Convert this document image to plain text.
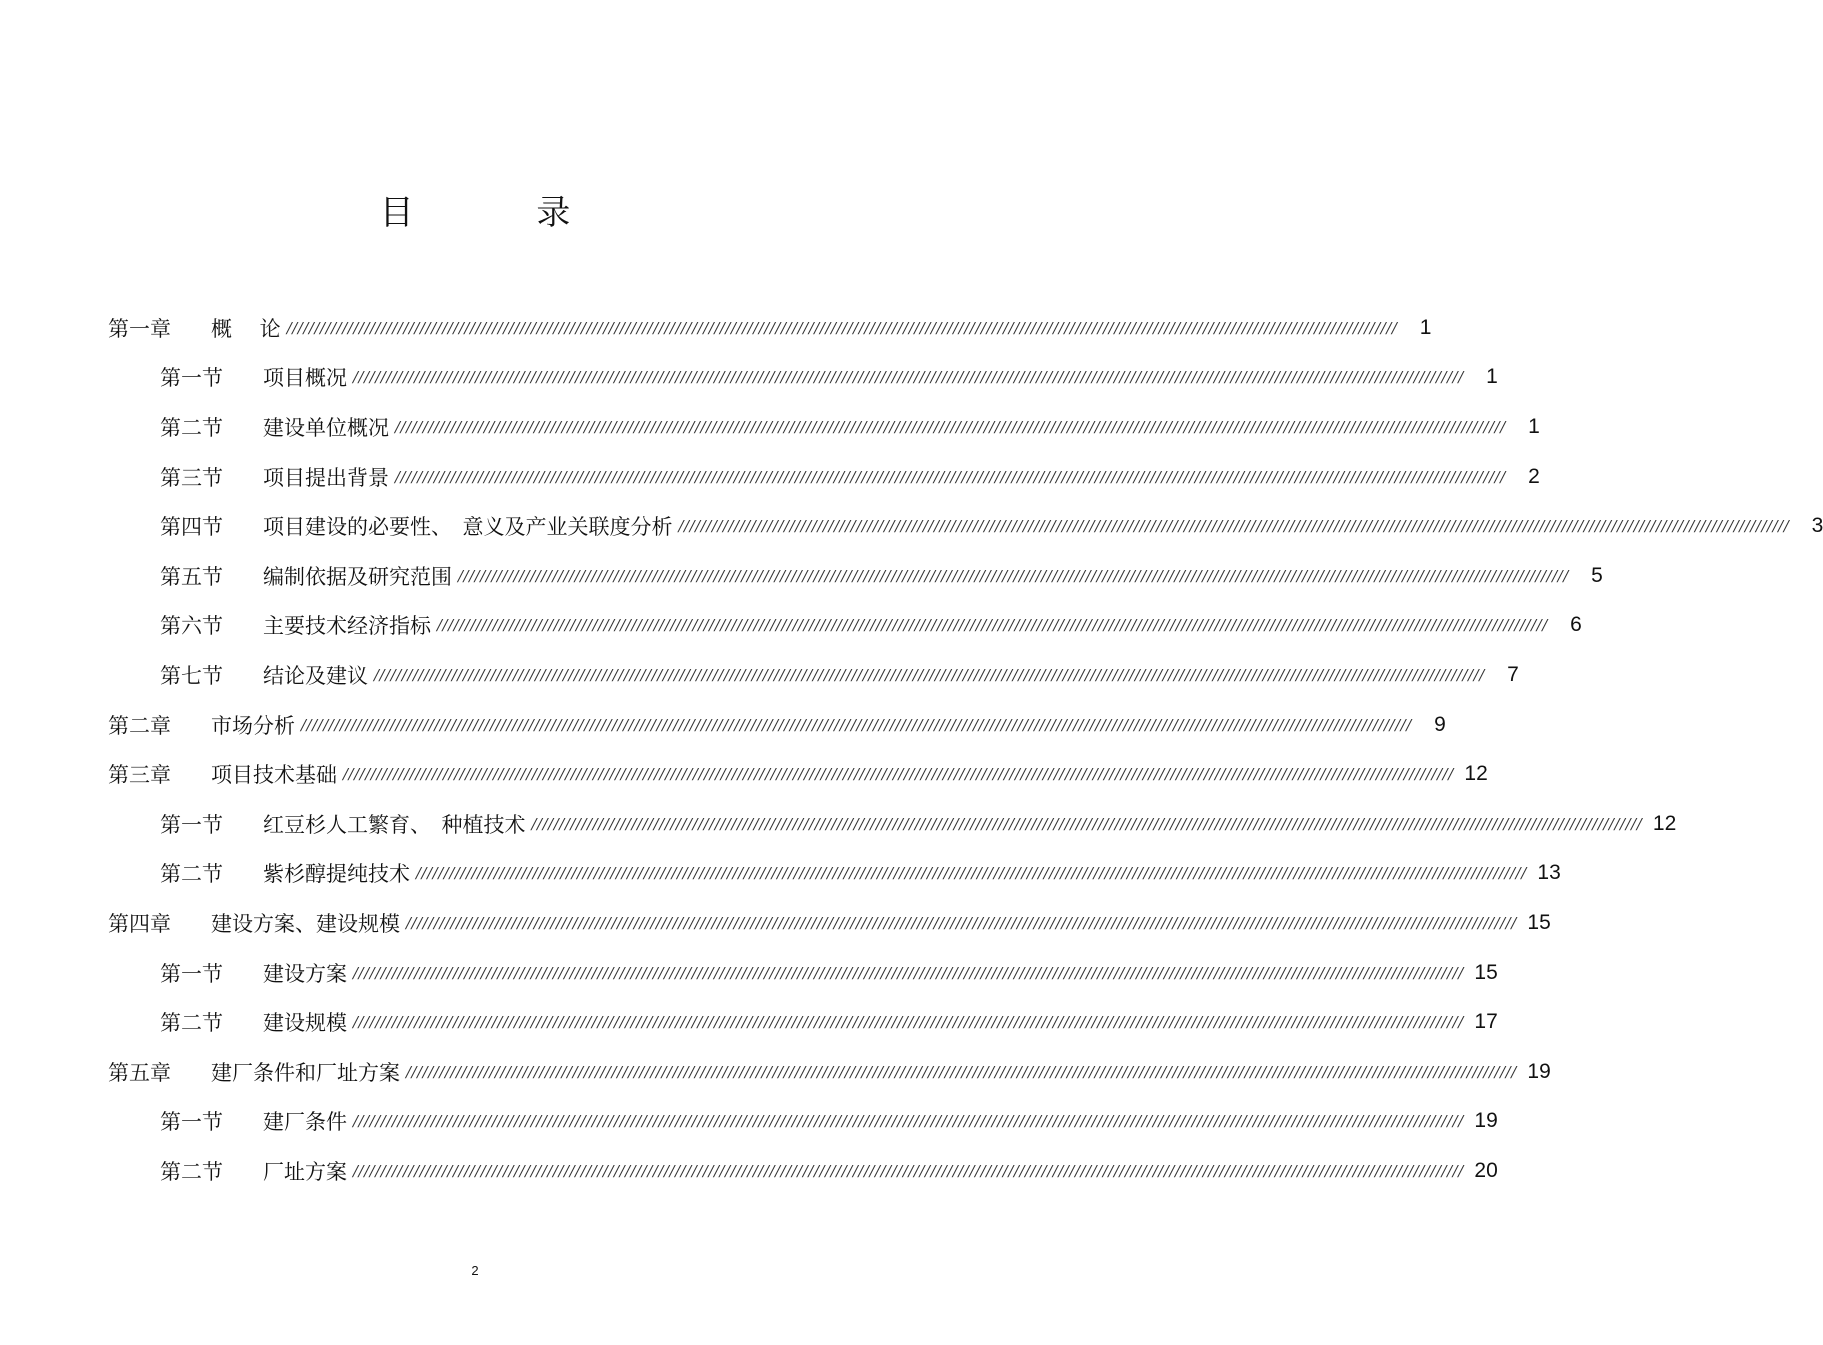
目 录
第一章	概　 论 ////////////////////////////////////////////////////////////////////////////////////////////////////////////////////////////////////////////////////////////////////////////////////////////////////////	1
第一节	项目概况 ////////////////////////////////////////////////////////////////////////////////////////////////////////////////////////////////////////////////////////////////////////////////////////////////////////	1
第二节	建设单位概况 ////////////////////////////////////////////////////////////////////////////////////////////////////////////////////////////////////////////////////////////////////////////////////////////////////////	1
第三节	项目提出背景 ////////////////////////////////////////////////////////////////////////////////////////////////////////////////////////////////////////////////////////////////////////////////////////////////////////	2
第四节	项目建设的必要性、　意义及产业关联度分析 ////////////////////////////////////////////////////////////////////////////////////////////////////////////////////////////////////////////////////////////////////////////////////////////////////////	3
第五节	编制依据及研究范围 ////////////////////////////////////////////////////////////////////////////////////////////////////////////////////////////////////////////////////////////////////////////////////////////////////////	5
第六节	主要技术经济指标 ////////////////////////////////////////////////////////////////////////////////////////////////////////////////////////////////////////////////////////////////////////////////////////////////////////	6
第七节	结论及建议 ////////////////////////////////////////////////////////////////////////////////////////////////////////////////////////////////////////////////////////////////////////////////////////////////////////	7
第二章	市场分析 ////////////////////////////////////////////////////////////////////////////////////////////////////////////////////////////////////////////////////////////////////////////////////////////////////////	9
第三章	项目技术基础 //////////////////////////////////////////////////////////////////////////////////////////////////////////////////////////////////////////////////////////////////////////////////////////////////////// 12
第一节	红豆杉人工繁育、　种植技术 //////////////////////////////////////////////////////////////////////////////////////////////////////////////////////////////////////////////////////////////////////////////////////////////////////// 12
第二节	紫杉醇提纯技术 //////////////////////////////////////////////////////////////////////////////////////////////////////////////////////////////////////////////////////////////////////////////////////////////////////// 13
第四章	建设方案、建设规模 //////////////////////////////////////////////////////////////////////////////////////////////////////////////////////////////////////////////////////////////////////////////////////////////////////// 15
第一节	建设方案 //////////////////////////////////////////////////////////////////////////////////////////////////////////////////////////////////////////////////////////////////////////////////////////////////////// 15
第二节	建设规模 //////////////////////////////////////////////////////////////////////////////////////////////////////////////////////////////////////////////////////////////////////////////////////////////////////// 17
第五章	建厂条件和厂址方案 //////////////////////////////////////////////////////////////////////////////////////////////////////////////////////////////////////////////////////////////////////////////////////////////////////// 19
第一节	建厂条件 //////////////////////////////////////////////////////////////////////////////////////////////////////////////////////////////////////////////////////////////////////////////////////////////////////// 19
第二节	厂址方案 //////////////////////////////////////////////////////////////////////////////////////////////////////////////////////////////////////////////////////////////////////////////////////////////////////// 20
2
